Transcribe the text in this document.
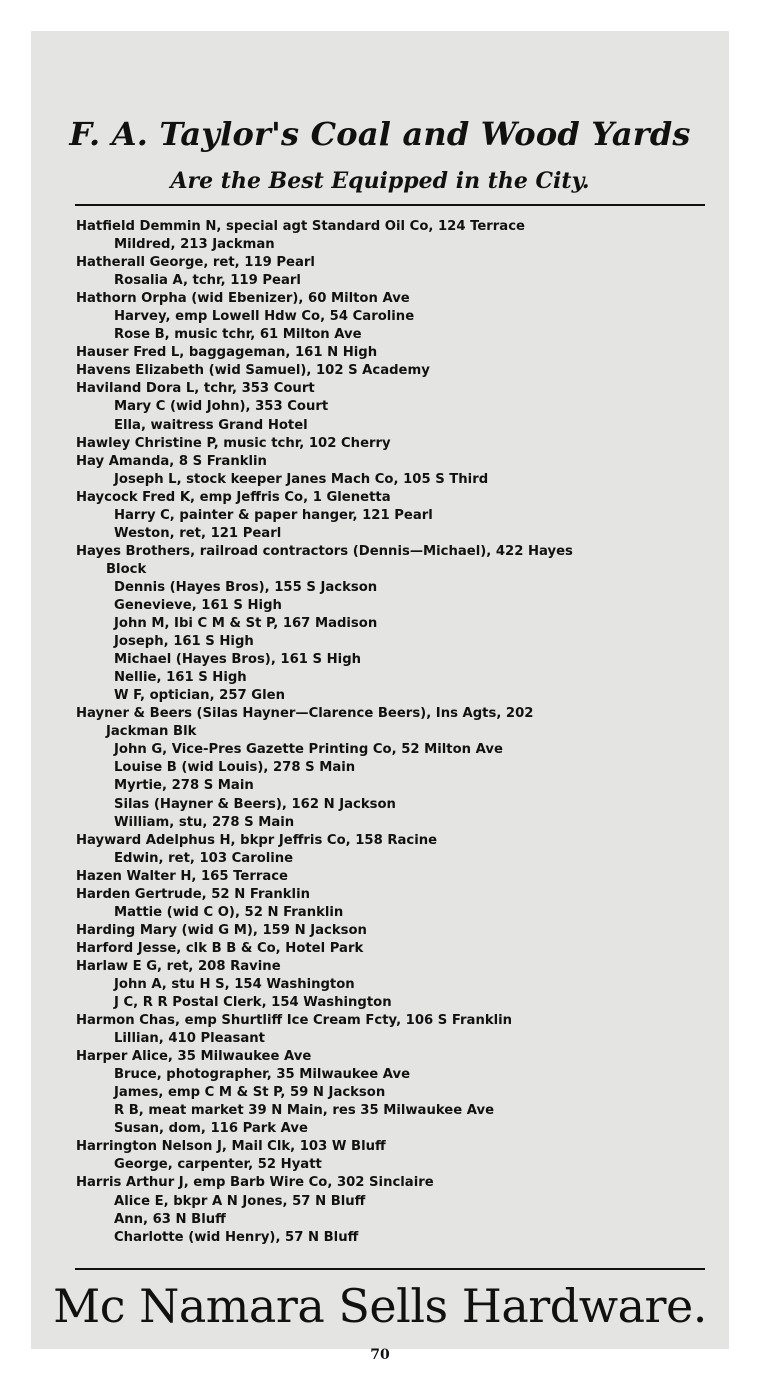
F. A. Taylor's Coal and Wood Yards
Are the Best Equipped in the City.
Hatfield Demmin N, special agt Standard Oil Co, 124 Terrace
Mildred, 213 Jackman
Hatherall George, ret, 119 Pearl
Rosalia A, tchr, 119 Pearl
Hathorn Orpha (wid Ebenizer), 60 Milton Ave
Harvey, emp Lowell Hdw Co, 54 Caroline
Rose B, music tchr, 61 Milton Ave
Hauser Fred L, baggageman, 161 N High
Havens Elizabeth (wid Samuel), 102 S Academy
Haviland Dora L, tchr, 353 Court
Mary C (wid John), 353 Court
Ella, waitress Grand Hotel
Hawley Christine P, music tchr, 102 Cherry
Hay Amanda, 8 S Franklin
Joseph L, stock keeper Janes Mach Co, 105 S Third
Haycock Fred K, emp Jeffris Co, 1 Glenetta
Harry C, painter & paper hanger, 121 Pearl
Weston, ret, 121 Pearl
Hayes Brothers, railroad contractors (Dennis—Michael), 422 Hayes
Block
Dennis (Hayes Bros), 155 S Jackson
Genevieve, 161 S High
John M, Ibi C M & St P, 167 Madison
Joseph, 161 S High
Michael (Hayes Bros), 161 S High
Nellie, 161 S High
W F, optician, 257 Glen
Hayner & Beers (Silas Hayner—Clarence Beers), Ins Agts, 202
Jackman Blk
John G, Vice-Pres Gazette Printing Co, 52 Milton Ave
Louise B (wid Louis), 278 S Main
Myrtie, 278 S Main
Silas (Hayner & Beers), 162 N Jackson
William, stu, 278 S Main
Hayward Adelphus H, bkpr Jeffris Co, 158 Racine
Edwin, ret, 103 Caroline
Hazen Walter H, 165 Terrace
Harden Gertrude, 52 N Franklin
Mattie (wid C O), 52 N Franklin
Harding Mary (wid G M), 159 N Jackson
Harford Jesse, clk B B & Co, Hotel Park
Harlaw E G, ret, 208 Ravine
John A, stu H S, 154 Washington
J C, R R Postal Clerk, 154 Washington
Harmon Chas, emp Shurtliff Ice Cream Fcty, 106 S Franklin
Lillian, 410 Pleasant
Harper Alice, 35 Milwaukee Ave
Bruce, photographer, 35 Milwaukee Ave
James, emp C M & St P, 59 N Jackson
R B, meat market 39 N Main, res 35 Milwaukee Ave
Susan, dom, 116 Park Ave
Harrington Nelson J, Mail Clk, 103 W Bluff
George, carpenter, 52 Hyatt
Harris Arthur J, emp Barb Wire Co, 302 Sinclaire
Alice E, bkpr A N Jones, 57 N Bluff
Ann, 63 N Bluff
Charlotte (wid Henry), 57 N Bluff
Mc Namara Sells Hardware.
70
